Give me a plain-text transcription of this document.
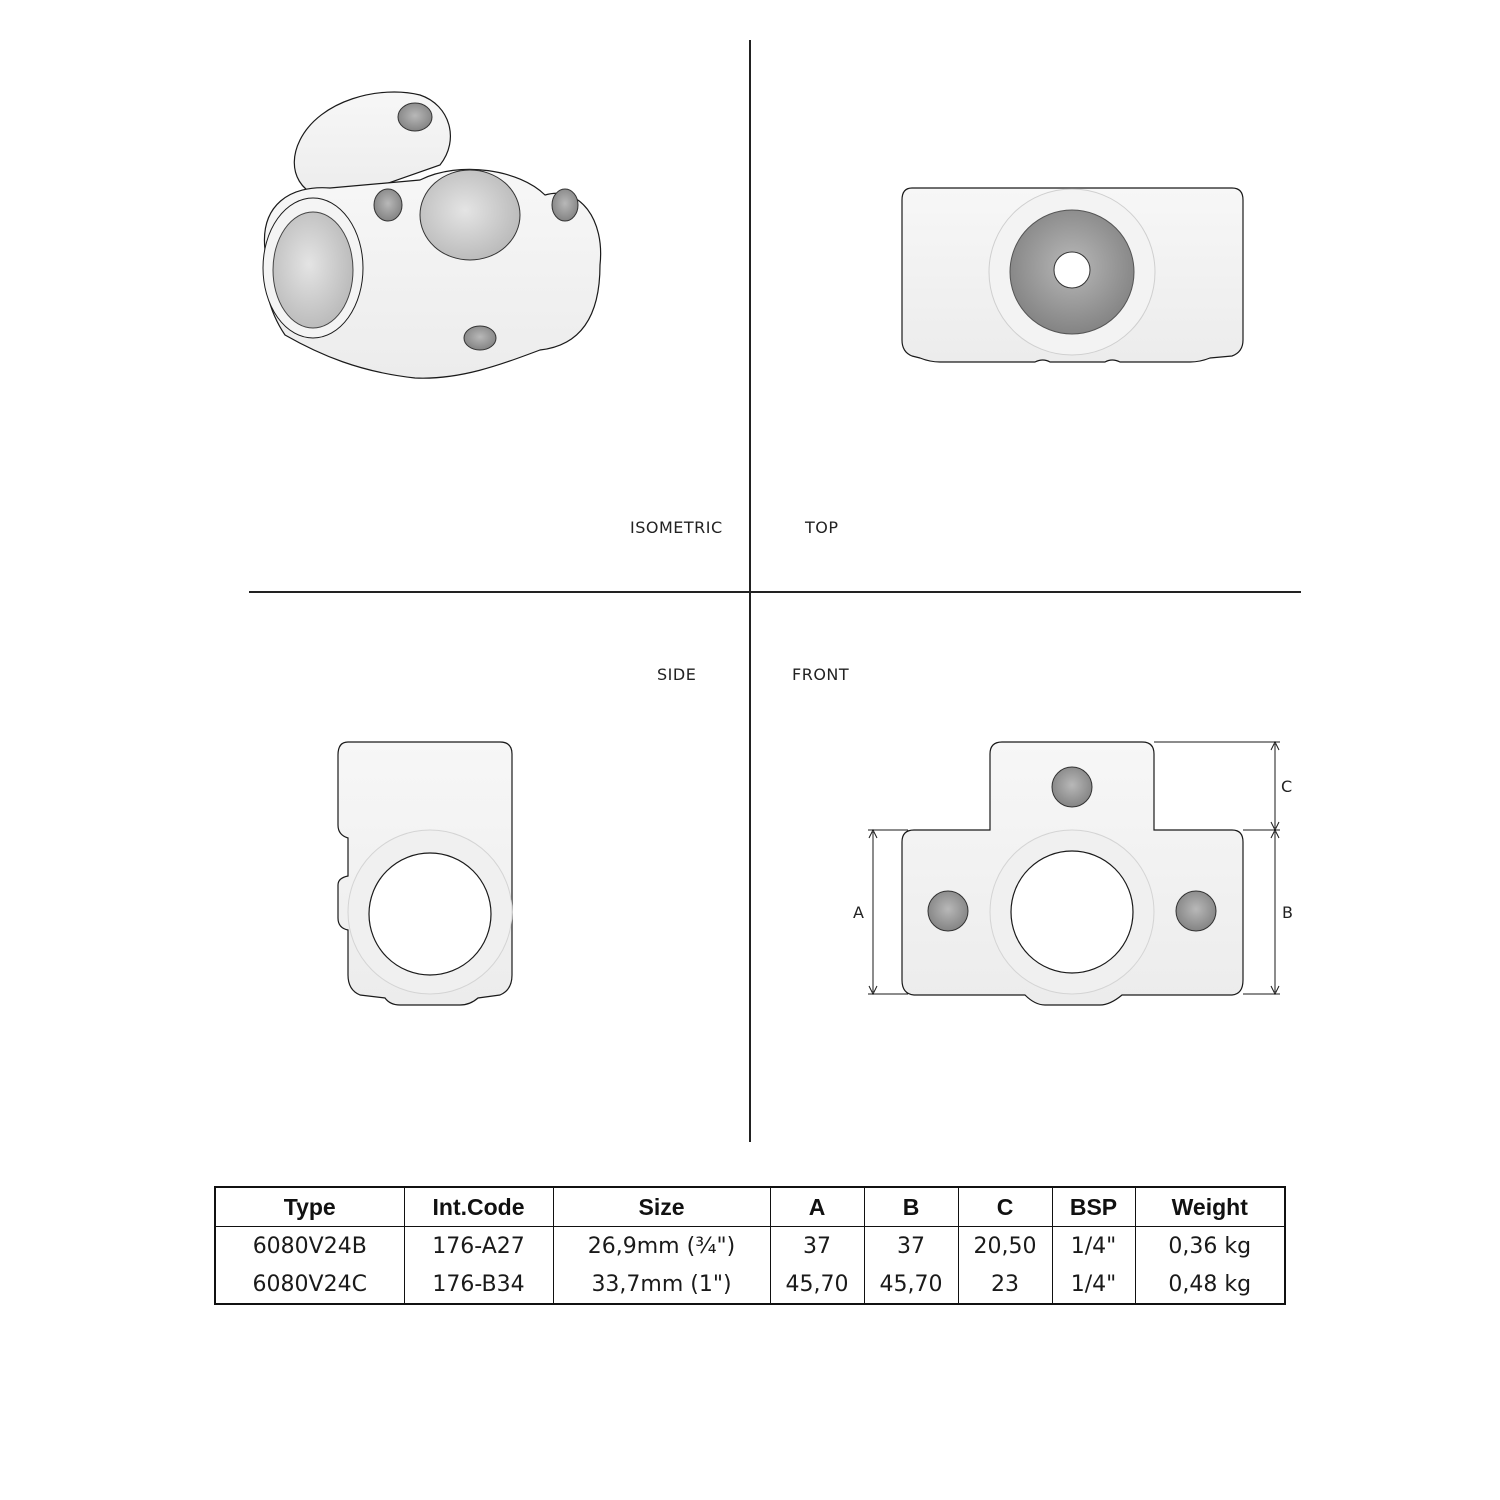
ISOMETRIC	TOP
SIDE	FRONT
A	B
C
Type	Int.Code	Size	A	B	C	BSP	Weight
6080V24B	176-A27	26,9mm (¾")	37	37	20,50	1/4"	0,36 kg
6080V24C	176-B34	33,7mm (1")	45,70	45,70	23	1/4"	0,48 kg
